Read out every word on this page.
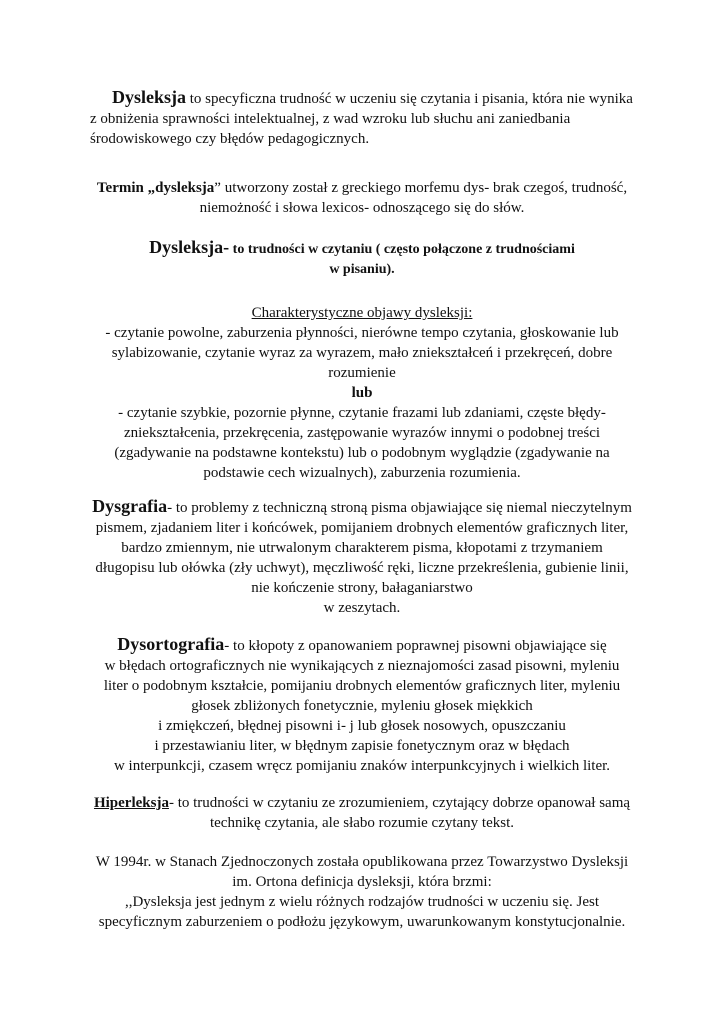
Dysleksja to specyficzna trudność w uczeniu się czytania i pisania, która nie wynika
z obniżenia sprawności intelektualnej, z wad wzroku lub słuchu ani zaniedbania
środowiskowego czy błędów pedagogicznych.
Termin „dysleksja” utworzony został z greckiego morfemu dys- brak czegoś, trudność,
niemożność i słowa lexicos- odnoszącego się do słów.
Dysleksja- to trudności w czytaniu ( często połączone z trudnościami
w pisaniu).
Charakterystyczne objawy dysleksji:
- czytanie powolne, zaburzenia płynności, nierówne tempo czytania, głoskowanie lub
sylabizowanie, czytanie wyraz za wyrazem, mało zniekształceń i przekręceń, dobre
rozumienie
lub
- czytanie szybkie, pozornie płynne, czytanie frazami lub zdaniami, częste błędy-
zniekształcenia, przekręcenia, zastępowanie wyrazów innymi o podobnej treści
(zgadywanie na podstawne kontekstu) lub o podobnym wyglądzie (zgadywanie na
podstawie cech wizualnych), zaburzenia rozumienia.
Dysgrafia- to problemy z techniczną stroną pisma objawiające się niemal nieczytelnym
pismem, zjadaniem liter i końcówek, pomijaniem drobnych elementów graficznych liter,
bardzo zmiennym, nie utrwalonym charakterem pisma, kłopotami z trzymaniem
długopisu lub ołówka (zły uchwyt), męczliwość ręki, liczne przekreślenia, gubienie linii,
nie kończenie strony, bałaganiarstwo
w zeszytach.
Dysortografia- to kłopoty z opanowaniem poprawnej pisowni objawiające się
w błędach ortograficznych nie wynikających z nieznajomości zasad pisowni, myleniu
liter o podobnym kształcie, pomijaniu drobnych elementów graficznych liter, myleniu
głosek zbliżonych fonetycznie, myleniu głosek miękkich
i zmiękczeń, błędnej pisowni i- j lub głosek nosowych, opuszczaniu
i przestawianiu liter, w błędnym zapisie fonetycznym oraz w błędach
w interpunkcji, czasem wręcz pomijaniu znaków interpunkcyjnych i wielkich liter.
Hiperleksja- to trudności w czytaniu ze zrozumieniem, czytający dobrze opanował samą
technikę czytania, ale słabo rozumie czytany tekst.
W 1994r. w Stanach Zjednoczonych została opublikowana przez Towarzystwo Dysleksji
im. Ortona definicja dysleksji, która brzmi:
,,Dysleksja jest jednym z wielu różnych rodzajów trudności w uczeniu się. Jest
specyficznym zaburzeniem o podłożu językowym, uwarunkowanym konstytucjonalnie.
